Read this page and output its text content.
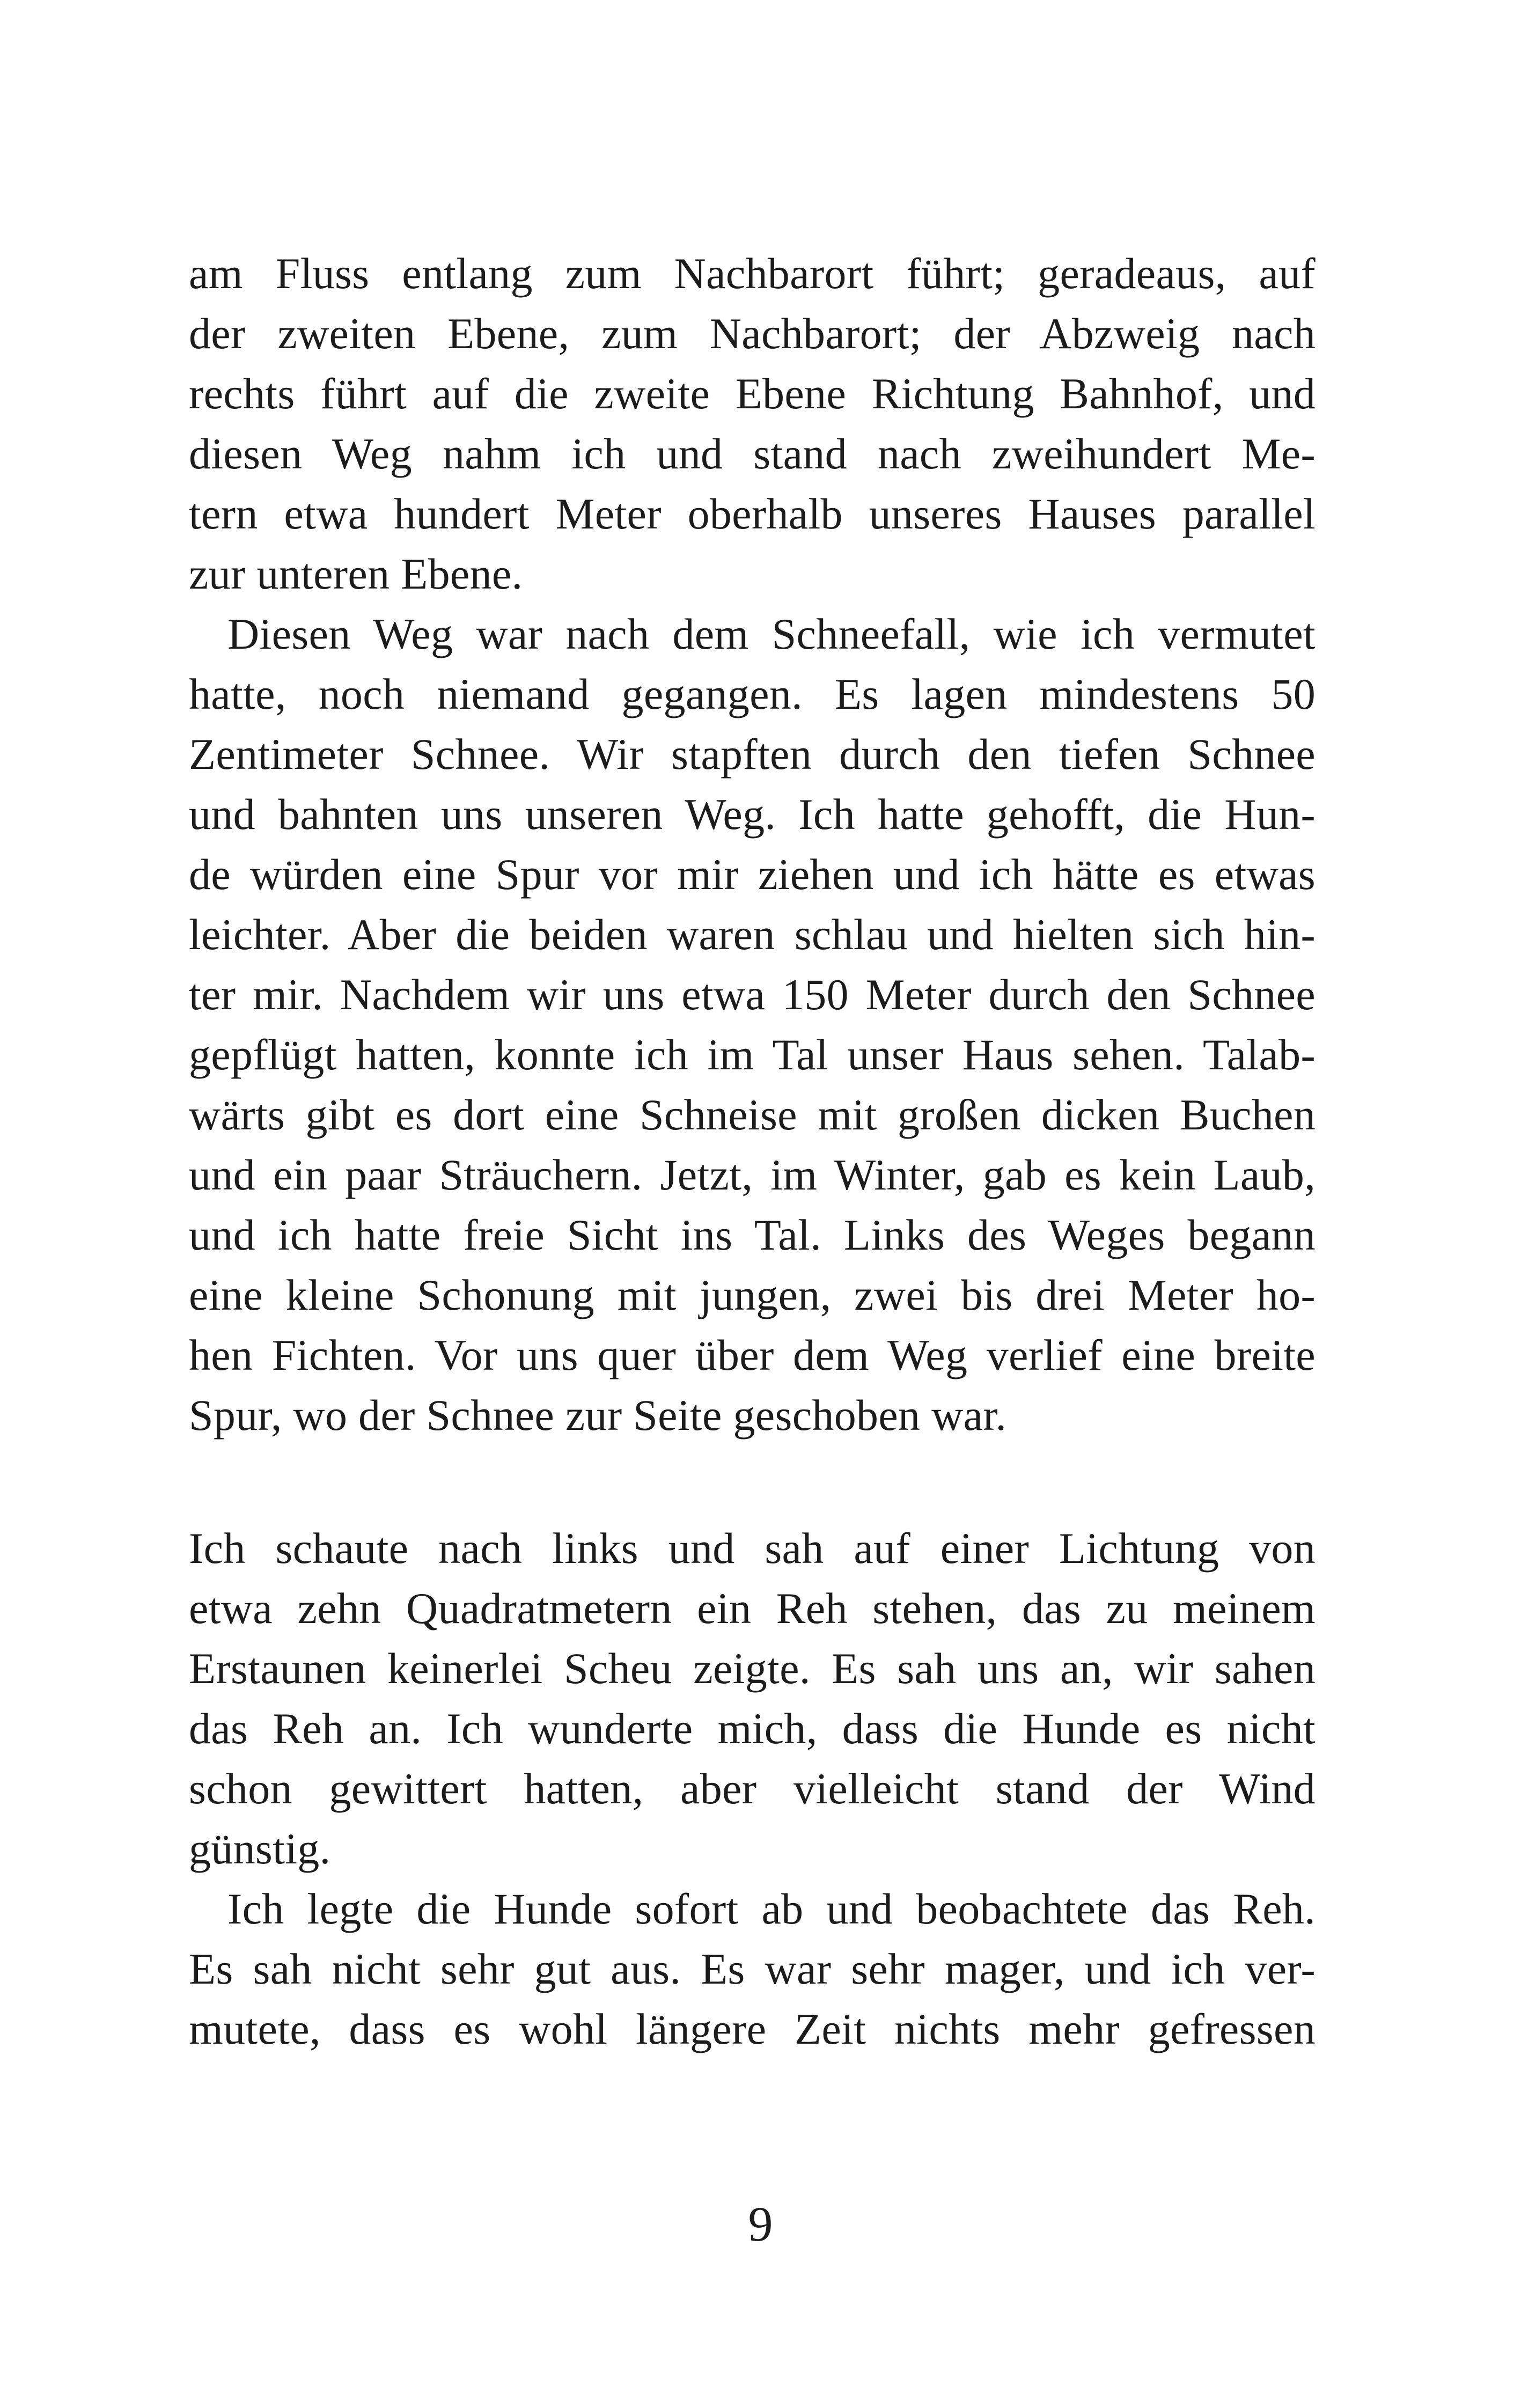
am Fluss entlang zum Nachbarort führt; geradeaus, auf
der zweiten Ebene, zum Nachbarort; der Abzweig nach
rechts führt auf die zweite Ebene Richtung Bahnhof, und
diesen Weg nahm ich und stand nach zweihundert Me-
tern etwa hundert Meter oberhalb unseres Hauses parallel
zur unteren Ebene.
Diesen Weg war nach dem Schneefall, wie ich vermutet
hatte, noch niemand gegangen. Es lagen mindestens 50
Zentimeter Schnee. Wir stapften durch den tiefen Schnee
und bahnten uns unseren Weg. Ich hatte gehofft, die Hun-
de würden eine Spur vor mir ziehen und ich hätte es etwas
leichter. Aber die beiden waren schlau und hielten sich hin-
ter mir. Nachdem wir uns etwa 150 Meter durch den Schnee
gepflügt hatten, konnte ich im Tal unser Haus sehen. Talab-
wärts gibt es dort eine Schneise mit großen dicken Buchen
und ein paar Sträuchern. Jetzt, im Winter, gab es kein Laub,
und ich hatte freie Sicht ins Tal. Links des Weges begann
eine kleine Schonung mit jungen, zwei bis drei Meter ho-
hen Fichten. Vor uns quer über dem Weg verlief eine breite
Spur, wo der Schnee zur Seite geschoben war.
Ich schaute nach links und sah auf einer Lichtung von
etwa zehn Quadratmetern ein Reh stehen, das zu meinem
Erstaunen keinerlei Scheu zeigte. Es sah uns an, wir sahen
das Reh an. Ich wunderte mich, dass die Hunde es nicht
schon gewittert hatten, aber vielleicht stand der Wind
günstig.
Ich legte die Hunde sofort ab und beobachtete das Reh.
Es sah nicht sehr gut aus. Es war sehr mager, und ich ver-
mutete, dass es wohl längere Zeit nichts mehr gefressen
9
